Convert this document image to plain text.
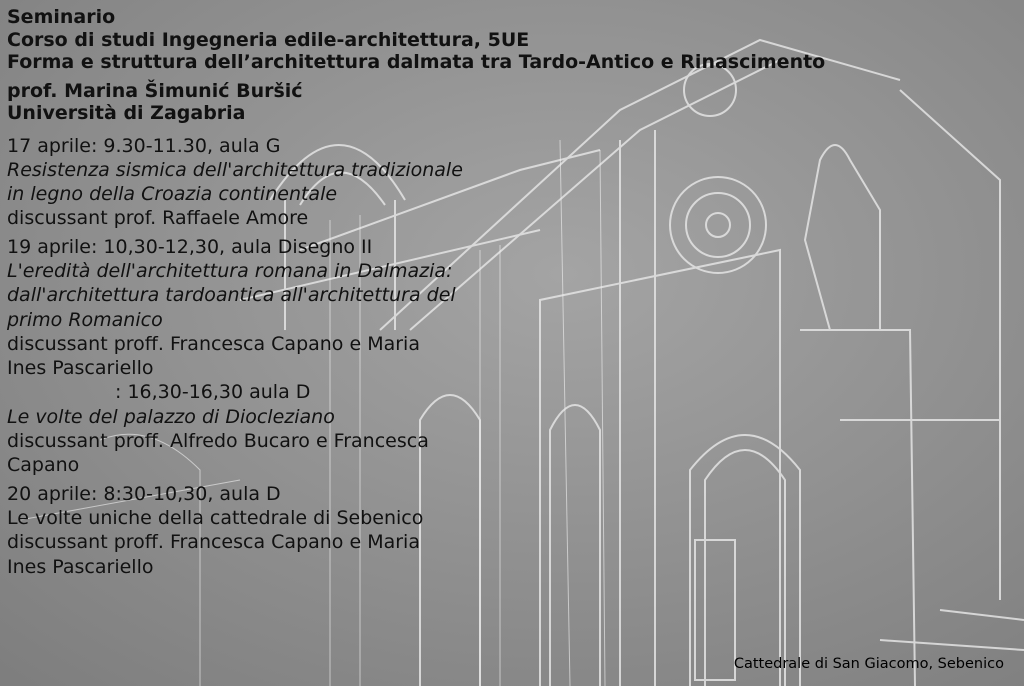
Seminario

Corso di studi Ingegneria edile-architettura, 5UE

Forma e struttura dell’architettura dalmata tra Tardo-Antico e Rinascimento

prof. Marina Šimunić Buršić

Università di Zagabria

17 aprile: 9.30-11.30, aula G

Resistenza sismica dell'architettura tradizionale

in legno della Croazia continentale

discussant prof. Raffaele Amore

19 aprile: 10,30-12,30, aula Disegno II

L'eredità dell'architettura romana in Dalmazia:

dall'architettura tardoantica all'architettura del

primo Romanico

discussant proff. Francesca Capano e Maria

Ines Pascariello

: 16,30-16,30 aula D

Le volte del palazzo di Diocleziano

discussant proff. Alfredo Bucaro e Francesca

Capano

20 aprile: 8:30-10,30, aula D

Le volte uniche della cattedrale di Sebenico

discussant proff. Francesca Capano e Maria

Ines Pascariello

Cattedrale di San Giacomo, Sebenico
